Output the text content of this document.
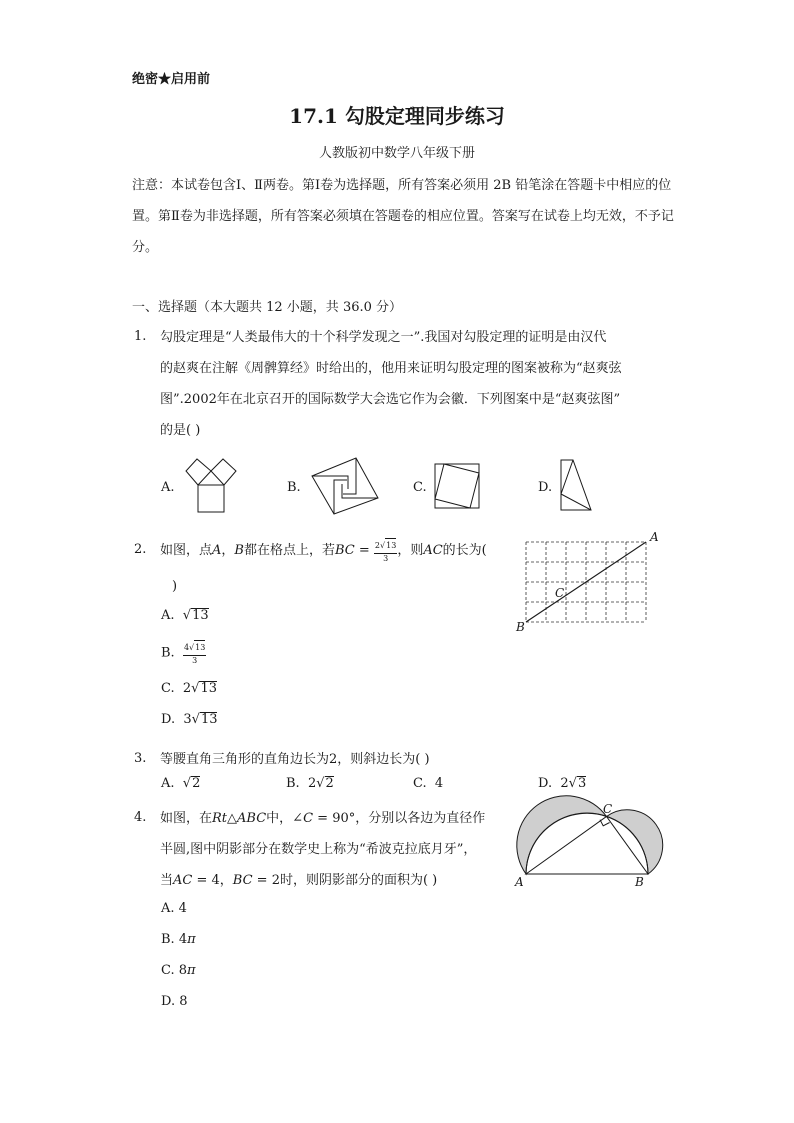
绝密★启用前
17.1 勾股定理同步练习
人教版初中数学八年级下册
注意：本试卷包含Ⅰ、Ⅱ两卷。第Ⅰ卷为选择题，所有答案必须用 2B 铅笔涂在答题卡中相应的位置。第Ⅱ卷为非选择题，所有答案必须填在答题卷的相应位置。答案写在试卷上均无效，不予记分。
一、选择题（本大题共 12 小题，共 36.0 分）
1. 勾股定理是“人类最伟大的十个科学发现之一”.我国对勾股定理的证明是由汉代
的赵爽在注解《周髀算经》时给出的，他用来证明勾股定理的图案被称为“赵爽弦
图”.2002年在北京召开的国际数学大会选它作为会徽．下列图案中是“赵爽弦图”
的是( )
A.	B.	C.	D.
2. 如图，点A，B都在格点上，若BC = $\frac{2√13}{3}$ ，则AC的长为(
)
A. √13
B. $\frac{4√13}{3}$
C. 2√13
D. 3√13
A
B
C
3. 等腰直角三角形的直角边长为2，则斜边长为( )
A. √2	B. 2√2	C. 4	D. 2√3
4. 如图，在Rt△ABC中，∠C = 90°，分别以各边为直径作
半圆,图中阴影部分在数学史上称为“希波克拉底月牙”，
当AC = 4，BC = 2时，则阴影部分的面积为( )
A. 4
B. 4π
C. 8π
D. 8
A	B
C
